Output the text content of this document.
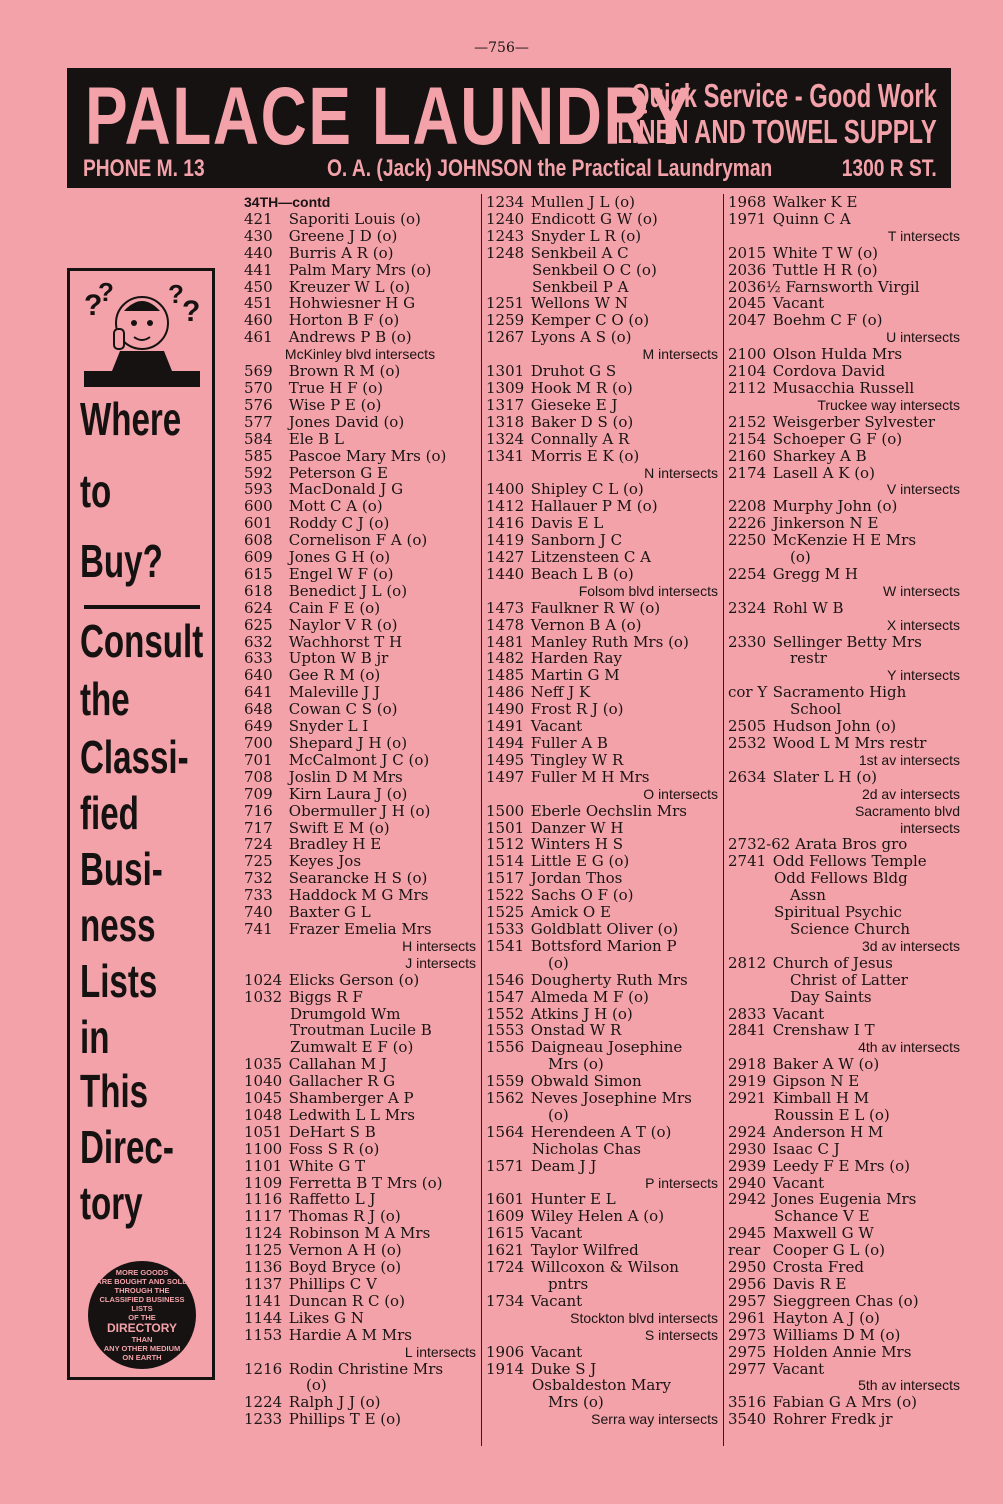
—756—
PALACE LAUNDRY
Quick Service - Good Work
LINEN AND TOWEL SUPPLY
PHONE M. 13	O. A. (Jack) JOHNSON the Practical Laundryman	1300 R ST.
?
? ?
?
Where
to
Buy?
Consult
the
Classi-
fied
Busi-
ness
Lists
in
This
Direc-
tory
MORE GOODS
ARE BOUGHT AND SOLD
THROUGH THE
CLASSIFIED BUSINESS LISTS
OF THE
DIRECTORY
THAN
ANY OTHER MEDIUM
ON EARTH
34TH—contd
421 Saporiti Louis (o)
430 Greene J D (o)
440 Burris A R (o)
441 Palm Mary Mrs (o)
450 Kreuzer W L (o)
451 Hohwiesner H G
460 Horton B F (o)
461 Andrews P B (o)
McKinley blvd intersects
569 Brown R M (o)
570 True H F (o)
576 Wise P E (o)
577 Jones David (o)
584 Ele B L
585 Pascoe Mary Mrs (o)
592 Peterson G E
593 MacDonald J G
600 Mott C A (o)
601 Roddy C J (o)
608 Cornelison F A (o)
609 Jones G H (o)
615 Engel W F (o)
618 Benedict J L (o)
624 Cain F E (o)
625 Naylor V R (o)
632 Wachhorst T H
633 Upton W B jr
640 Gee R M (o)
641 Maleville J J
648 Cowan C S (o)
649 Snyder L I
700 Shepard J H (o)
701 McCalmont J C (o)
708 Joslin D M Mrs
709 Kirn Laura J (o)
716 Obermuller J H (o)
717 Swift E M (o)
724 Bradley H E
725 Keyes Jos
732 Searancke H S (o)
733 Haddock M G Mrs
740 Baxter G L
741 Frazer Emelia Mrs
H intersects
J intersects
1024 Elicks Gerson (o)
1032 Biggs R F
Drumgold Wm
Troutman Lucile B
Zumwalt E F (o)
1035 Callahan M J
1040 Gallacher R G
1045 Shamberger A P
1048 Ledwith L L Mrs
1051 DeHart S B
1100 Foss S R (o)
1101 White G T
1109 Ferretta B T Mrs (o)
1116 Raffetto L J
1117 Thomas R J (o)
1124 Robinson M A Mrs
1125 Vernon A H (o)
1136 Boyd Bryce (o)
1137 Phillips C V
1141 Duncan R C (o)
1144 Likes G N
1153 Hardie A M Mrs
L intersects
1216 Rodin Christine Mrs
(o)
1224 Ralph J J (o)
1233 Phillips T E (o)
1234 Mullen J L (o)
1240 Endicott G W (o)
1243 Snyder L R (o)
1248 Senkbeil A C
Senkbeil O C (o)
Senkbeil P A
1251 Wellons W N
1259 Kemper C O (o)
1267 Lyons A S (o)
M intersects
1301 Druhot G S
1309 Hook M R (o)
1317 Gieseke E J
1318 Baker D S (o)
1324 Connally A R
1341 Morris E K (o)
N intersects
1400 Shipley C L (o)
1412 Hallauer P M (o)
1416 Davis E L
1419 Sanborn J C
1427 Litzensteen C A
1440 Beach L B (o)
Folsom blvd intersects
1473 Faulkner R W (o)
1478 Vernon B A (o)
1481 Manley Ruth Mrs (o)
1482 Harden Ray
1485 Martin G M
1486 Neff J K
1490 Frost R J (o)
1491 Vacant
1494 Fuller A B
1495 Tingley W R
1497 Fuller M H Mrs
O intersects
1500 Eberle Oechslin Mrs
1501 Danzer W H
1512 Winters H S
1514 Little E G (o)
1517 Jordan Thos
1522 Sachs O F (o)
1525 Amick O E
1533 Goldblatt Oliver (o)
1541 Bottsford Marion P
(o)
1546 Dougherty Ruth Mrs
1547 Almeda M F (o)
1552 Atkins J H (o)
1553 Onstad W R
1556 Daigneau Josephine
Mrs (o)
1559 Obwald Simon
1562 Neves Josephine Mrs
(o)
1564 Herendeen A T (o)
Nicholas Chas
1571 Deam J J
P intersects
1601 Hunter E L
1609 Wiley Helen A (o)
1615 Vacant
1621 Taylor Wilfred
1724 Willcoxon & Wilson
pntrs
1734 Vacant
Stockton blvd intersects
S intersects
1906 Vacant
1914 Duke S J
Osbaldeston Mary
Mrs (o)
Serra way intersects
1968 Walker K E
1971 Quinn C A
T intersects
2015 White T W (o)
2036 Tuttle H R (o)
2036½ Farnsworth Virgil
2045 Vacant
2047 Boehm C F (o)
U intersects
2100 Olson Hulda Mrs
2104 Cordova David
2112 Musacchia Russell
Truckee way intersects
2152 Weisgerber Sylvester
2154 Schoeper G F (o)
2160 Sharkey A B
2174 Lasell A K (o)
V intersects
2208 Murphy John (o)
2226 Jinkerson N E
2250 McKenzie H E Mrs
(o)
2254 Gregg M H
W intersects
2324 Rohl W B
X intersects
2330 Sellinger Betty Mrs
restr
Y intersects
cor Y Sacramento High
School
2505 Hudson John (o)
2532 Wood L M Mrs restr
1st av intersects
2634 Slater L H (o)
2d av intersects
Sacramento blvd
intersects
2732-62 Arata Bros gro
2741 Odd Fellows Temple
Odd Fellows Bldg
Assn
Spiritual Psychic
Science Church
3d av intersects
2812 Church of Jesus
Christ of Latter
Day Saints
2833 Vacant
2841 Crenshaw I T
4th av intersects
2918 Baker A W (o)
2919 Gipson N E
2921 Kimball H M
Roussin E L (o)
2924 Anderson H M
2930 Isaac C J
2939 Leedy F E Mrs (o)
2940 Vacant
2942 Jones Eugenia Mrs
Schance V E
2945 Maxwell G W
rear Cooper G L (o)
2950 Crosta Fred
2956 Davis R E
2957 Sieggreen Chas (o)
2961 Hayton A J (o)
2973 Williams D M (o)
2975 Holden Annie Mrs
2977 Vacant
5th av intersects
3516 Fabian G A Mrs (o)
3540 Rohrer Fredk jr
